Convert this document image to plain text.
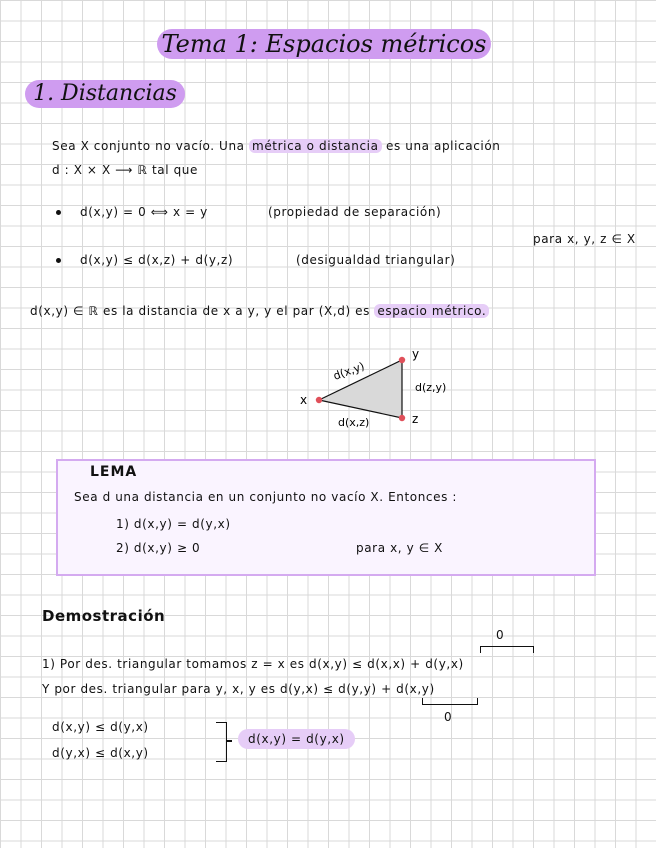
Tema 1: Espacios métricos
1. Distancias
Sea X conjunto no vacío. Una métrica o distancia es una aplicación
d : X × X ⟶ ℝ tal que
d(x,y) = 0 ⟺ x = y	(propiedad de separación)
para x, y, z ∈ X
d(x,y) ≤ d(x,z) + d(y,z)	(desigualdad triangular)
d(x,y) ∈ ℝ es la distancia de x a y, y el par (X,d) es espacio métrico.
x
y
z
d(x,y)
d(z,y)
d(x,z)
LEMA
Sea d una distancia en un conjunto no vacío X. Entonces :
1) d(x,y) = d(y,x)
2) d(x,y) ≥ 0	para x, y ∈ X
Demostración
0
1) Por des. triangular tomamos z = x es d(x,y) ≤ d(x,x) + d(y,x)
Y por des. triangular para y, x, y es d(y,x) ≤ d(y,y) + d(x,y)
0
d(x,y) ≤ d(y,x)
d(y,x) ≤ d(x,y)
d(x,y) = d(y,x)
